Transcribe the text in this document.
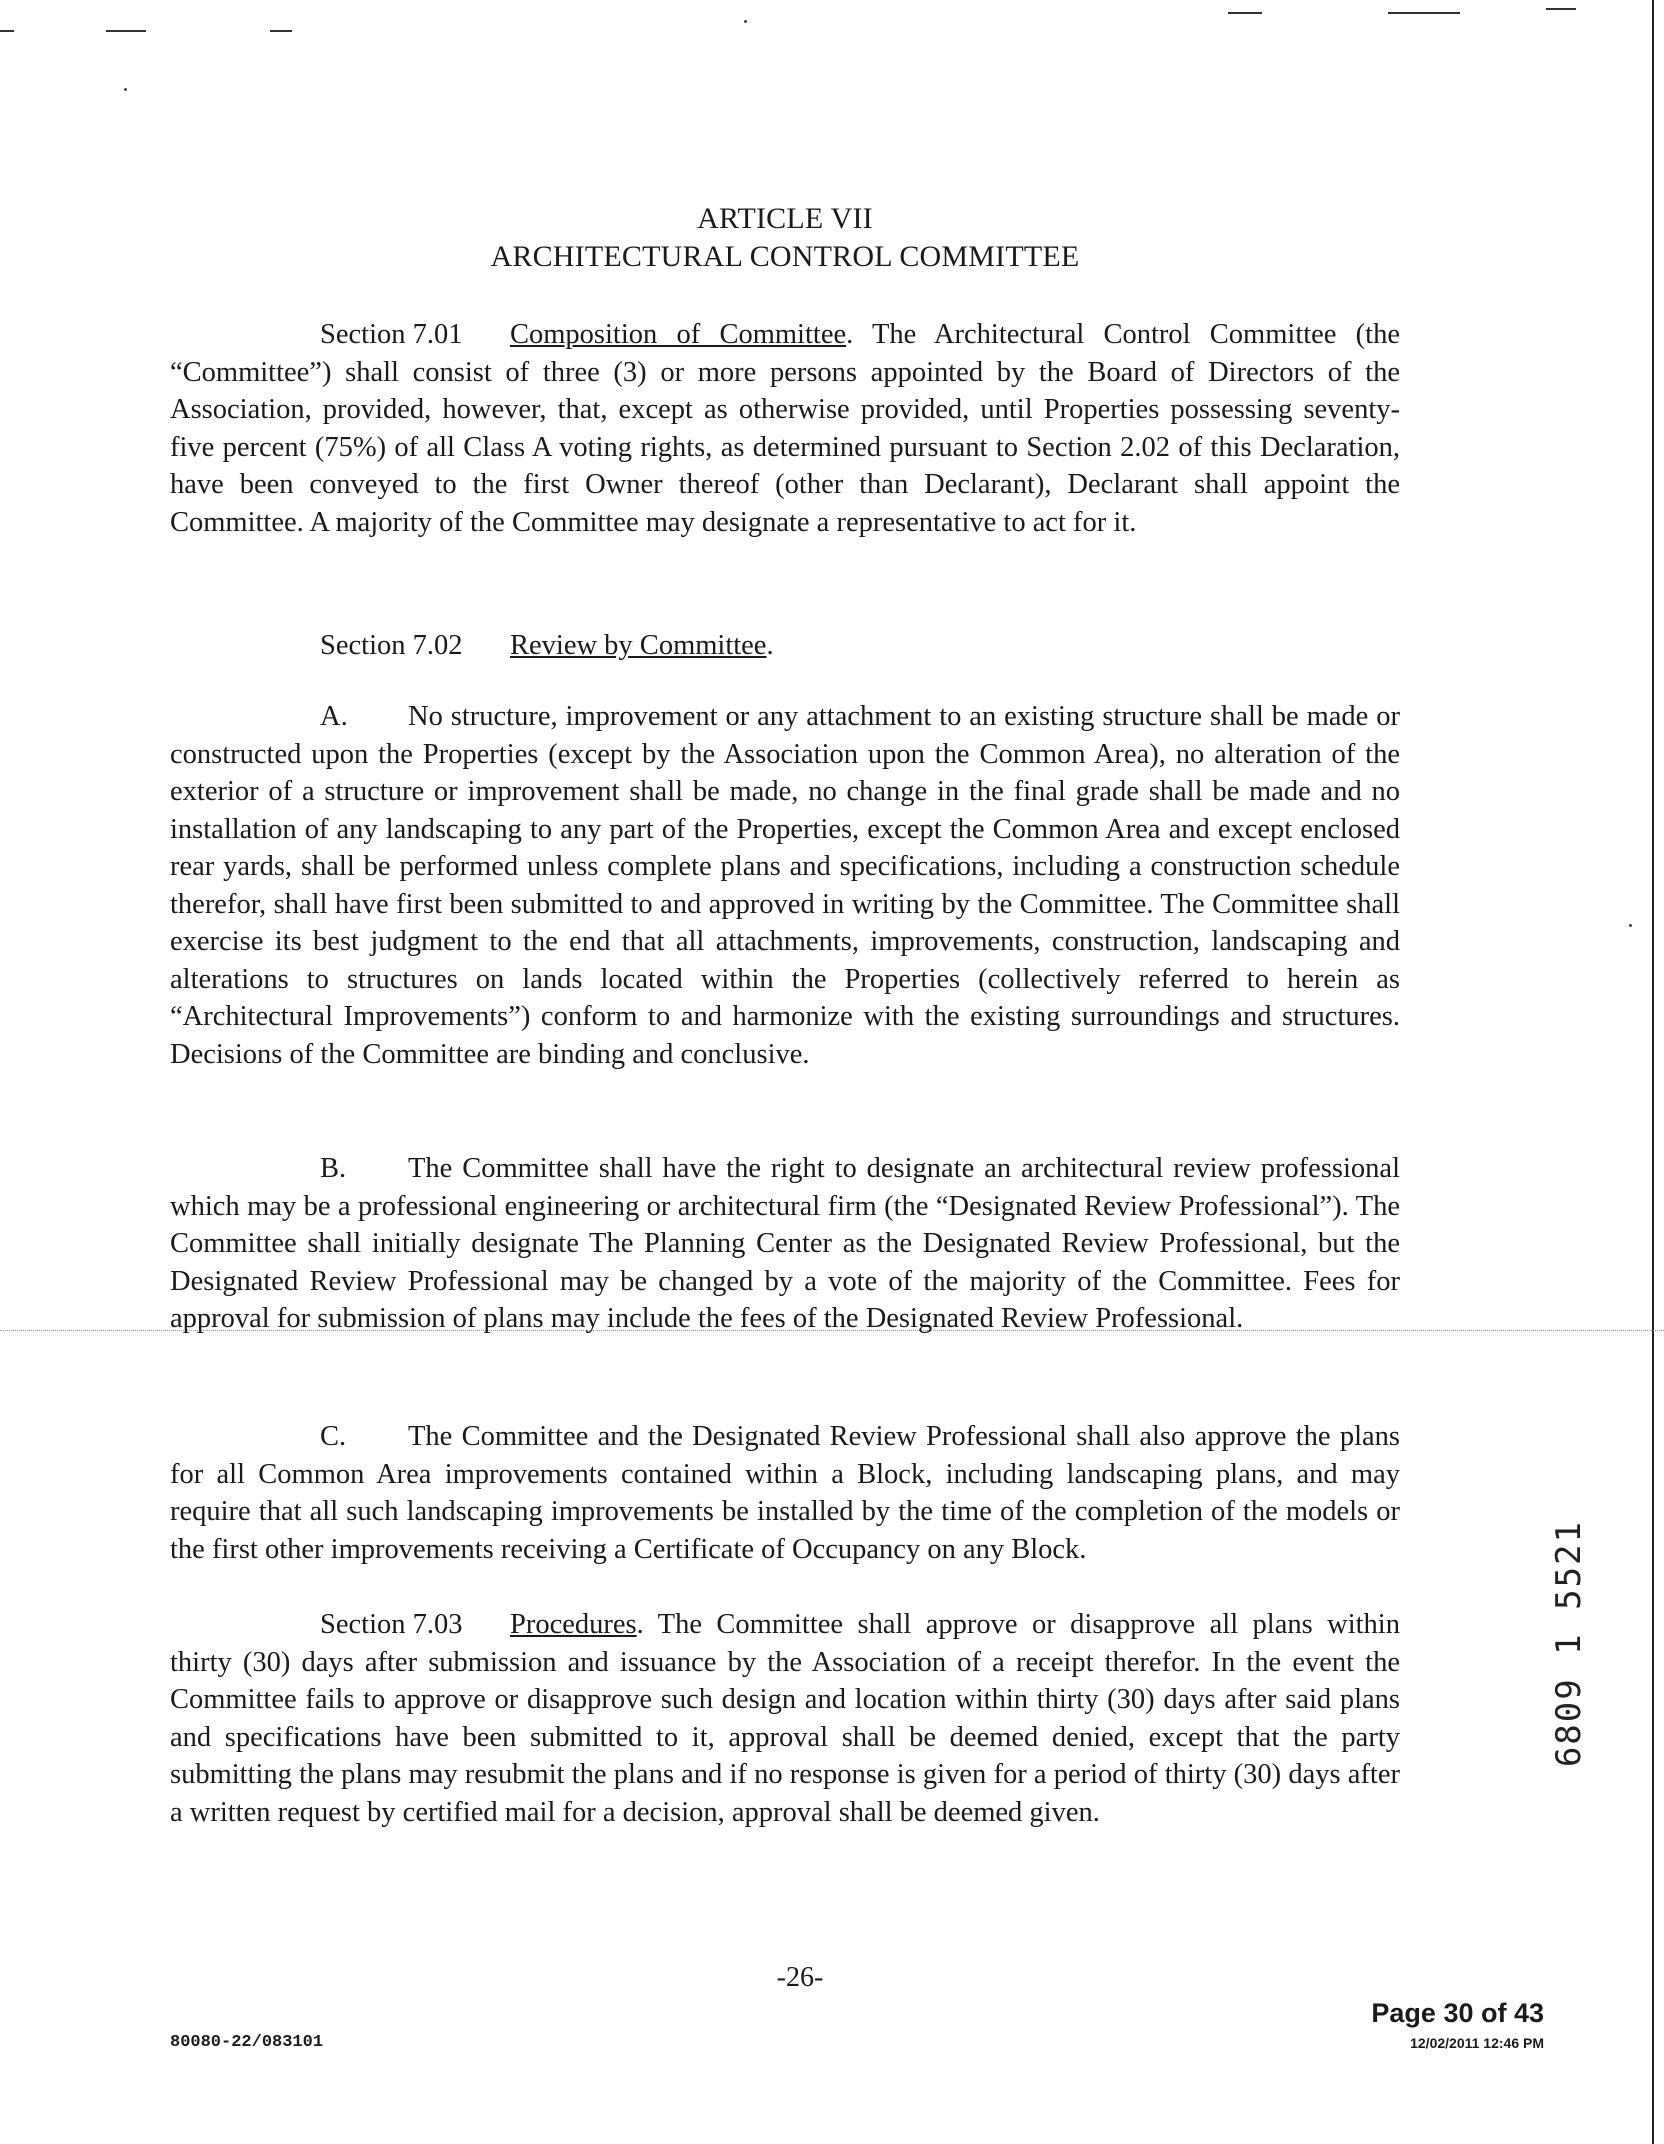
ARTICLE VII
ARCHITECTURAL CONTROL COMMITTEE
Section 7.01 Composition of Committee. The Architectural Control Committee (the “Committee”) shall consist of three (3) or more persons appointed by the Board of Directors of the Association, provided, however, that, except as otherwise provided, until Properties possessing seventy-five percent (75%) of all Class A voting rights, as determined pursuant to Section 2.02 of this Declaration, have been conveyed to the first Owner thereof (other than Declarant), Declarant shall appoint the Committee. A majority of the Committee may designate a representative to act for it.
Section 7.02 Review by Committee.
A. No structure, improvement or any attachment to an existing structure shall be made or constructed upon the Properties (except by the Association upon the Common Area), no alteration of the exterior of a structure or improvement shall be made, no change in the final grade shall be made and no installation of any landscaping to any part of the Properties, except the Common Area and except enclosed rear yards, shall be performed unless complete plans and specifications, including a construction schedule therefor, shall have first been submitted to and approved in writing by the Committee. The Committee shall exercise its best judgment to the end that all attachments, improvements, construction, landscaping and alterations to structures on lands located within the Properties (collectively referred to herein as “Architectural Improvements”) conform to and harmonize with the existing surroundings and structures. Decisions of the Committee are binding and conclusive.
B. The Committee shall have the right to designate an architectural review professional which may be a professional engineering or architectural firm (the “Designated Review Professional”). The Committee shall initially designate The Planning Center as the Designated Review Professional, but the Designated Review Professional may be changed by a vote of the majority of the Committee. Fees for approval for submission of plans may include the fees of the Designated Review Professional.
C. The Committee and the Designated Review Professional shall also approve the plans for all Common Area improvements contained within a Block, including landscaping plans, and may require that all such landscaping improvements be installed by the time of the completion of the models or the first other improvements receiving a Certificate of Occupancy on any Block.
Section 7.03 Procedures. The Committee shall approve or disapprove all plans within thirty (30) days after submission and issuance by the Association of a receipt therefor. In the event the Committee fails to approve or disapprove such design and location within thirty (30) days after said plans and specifications have been submitted to it, approval shall be deemed denied, except that the party submitting the plans may resubmit the plans and if no response is given for a period of thirty (30) days after a written request by certified mail for a decision, approval shall be deemed given.
-26-
80080-22/083101
Page 30 of 43
12/02/2011 12:46 PM
6809 1 5521
